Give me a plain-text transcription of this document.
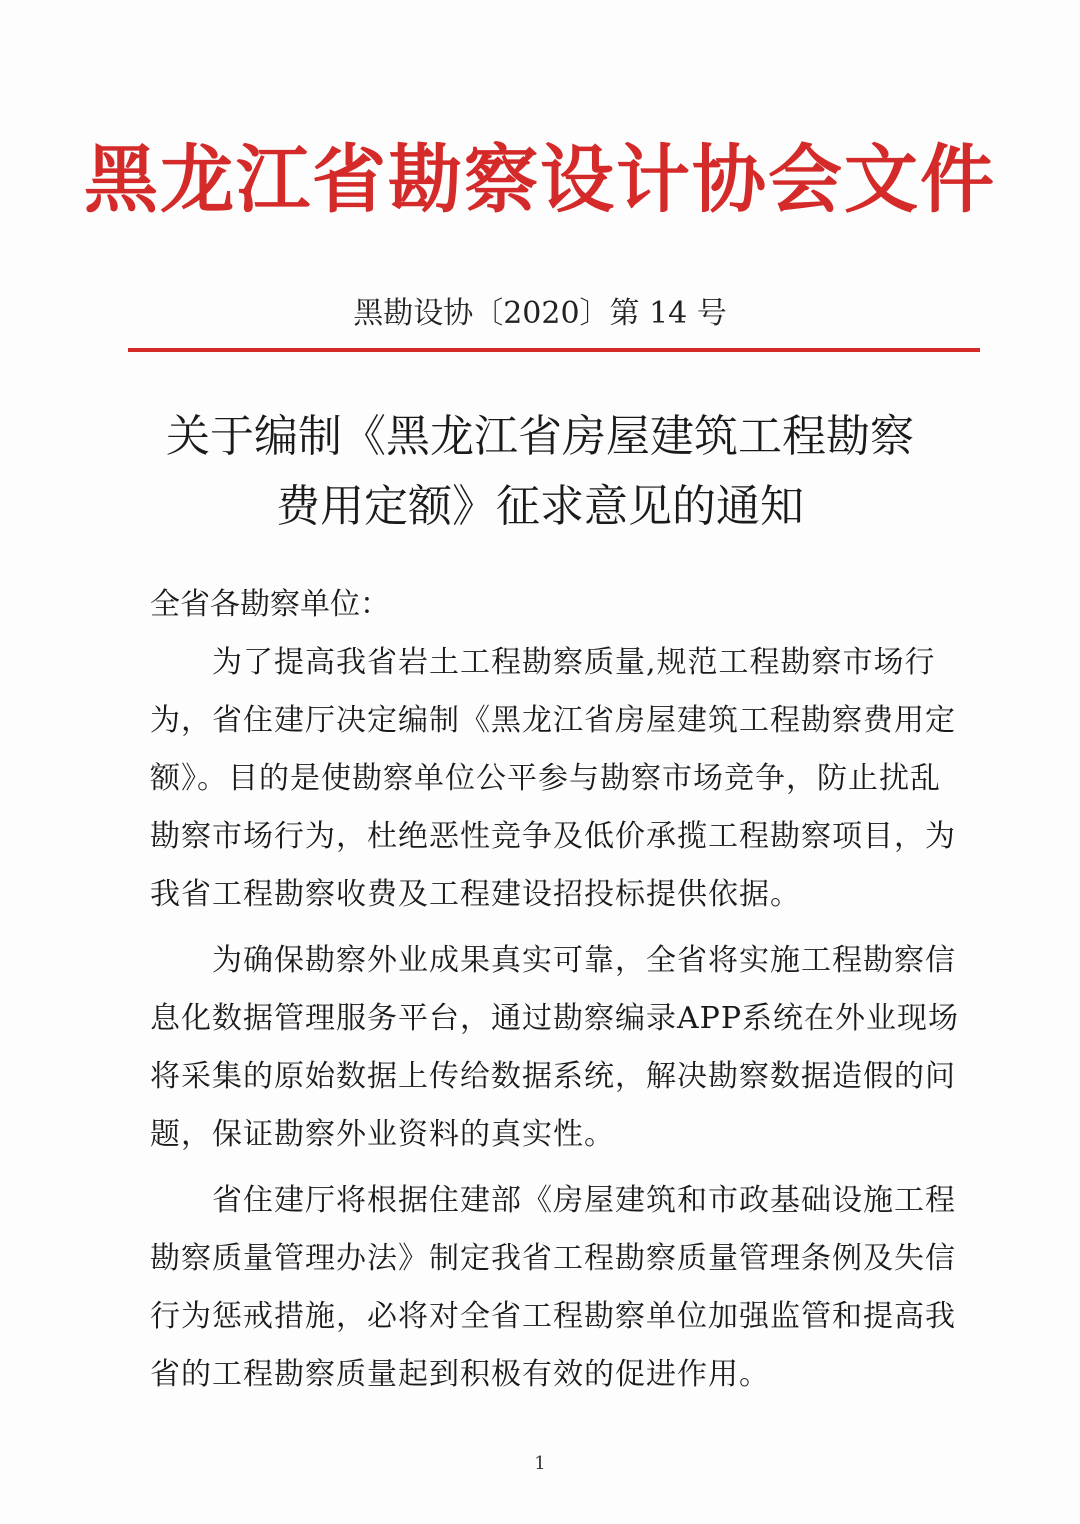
黑龙江省勘察设计协会文件
黑勘设协〔2020〕第 14 号
关于编制《黑龙江省房屋建筑工程勘察
费用定额》征求意见的通知
全省各勘察单位：
　　为了提高我省岩土工程勘察质量,规范工程勘察市场行
为，省住建厅决定编制《黑龙江省房屋建筑工程勘察费用定
额》。目的是使勘察单位公平参与勘察市场竞争，防止扰乱
勘察市场行为，杜绝恶性竞争及低价承揽工程勘察项目，为
我省工程勘察收费及工程建设招投标提供依据。
　　为确保勘察外业成果真实可靠，全省将实施工程勘察信
息化数据管理服务平台，通过勘察编录APP系统在外业现场
将采集的原始数据上传给数据系统，解决勘察数据造假的问
题，保证勘察外业资料的真实性。
　　省住建厅将根据住建部《房屋建筑和市政基础设施工程
勘察质量管理办法》制定我省工程勘察质量管理条例及失信
行为惩戒措施，必将对全省工程勘察单位加强监管和提高我
省的工程勘察质量起到积极有效的促进作用。
1
